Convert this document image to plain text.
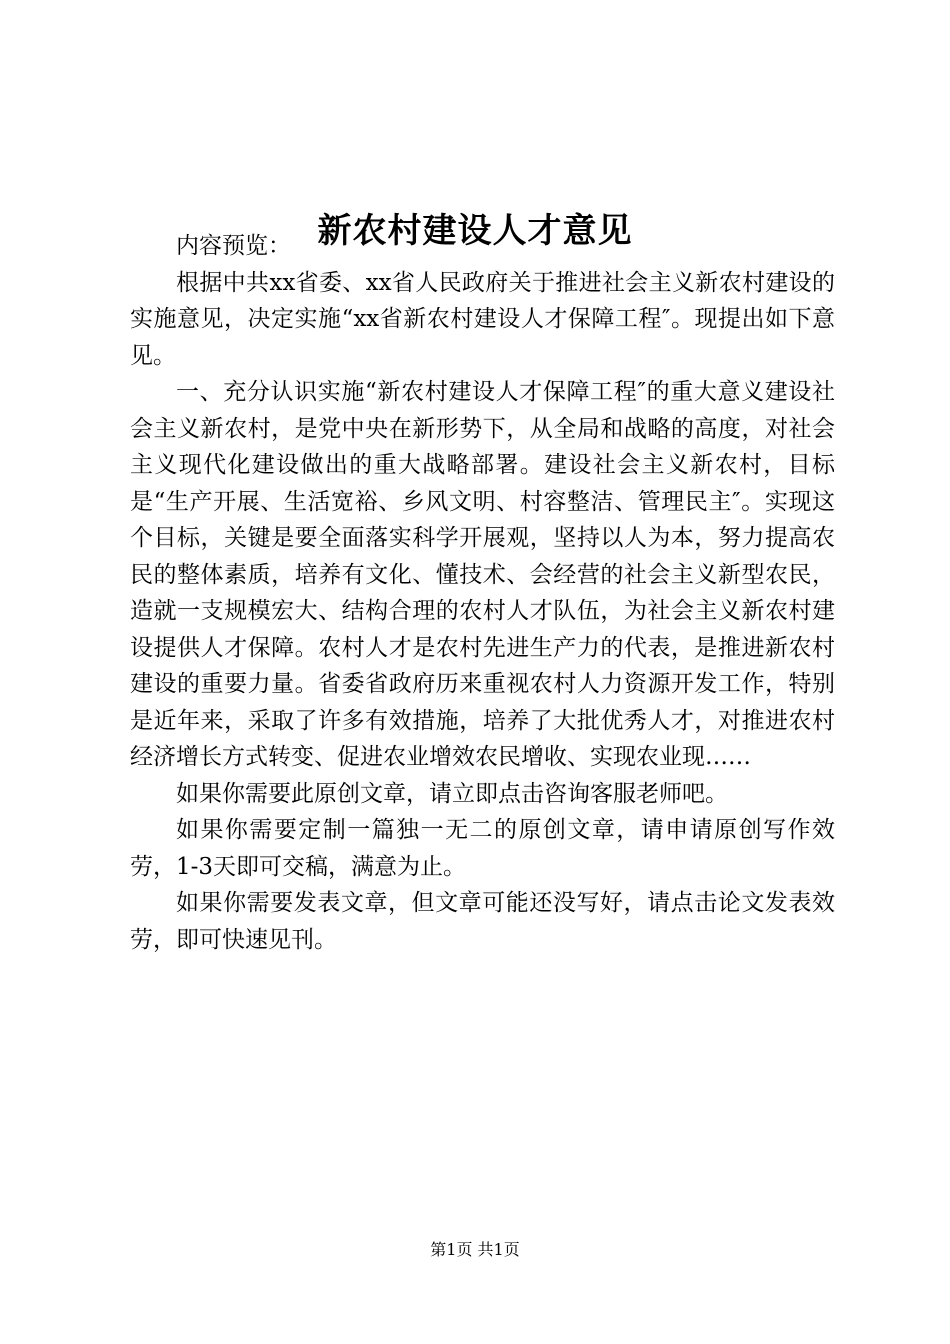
新农村建设人才意见

内容预览：

根据中共xx省委、xx省人民政府关于推进社会主义新农村建设的实施意见，决定实施“xx省新农村建设人才保障工程″。现提出如下意见。

一、充分认识实施“新农村建设人才保障工程″的重大意义建设社会主义新农村，是党中央在新形势下，从全局和战略的高度，对社会主义现代化建设做出的重大战略部署。建设社会主义新农村，目标是“生产开展、生活宽裕、乡风文明、村容整洁、管理民主″。实现这个目标，关键是要全面落实科学开展观，坚持以人为本，努力提高农民的整体素质，培养有文化、懂技术、会经营的社会主义新型农民，造就一支规模宏大、结构合理的农村人才队伍，为社会主义新农村建设提供人才保障。农村人才是农村先进生产力的代表，是推进新农村建设的重要力量。省委省政府历来重视农村人力资源开发工作，特别是近年来，采取了许多有效措施，培养了大批优秀人才，对推进农村经济增长方式转变、促进农业增效农民增收、实现农业现……

如果你需要此原创文章，请立即点击咨询客服老师吧。

如果你需要定制一篇独一无二的原创文章，请申请原创写作效劳，1-3天即可交稿，满意为止。

如果你需要发表文章，但文章可能还没写好，请点击论文发表效劳，即可快速见刊。

第1页 共1页
